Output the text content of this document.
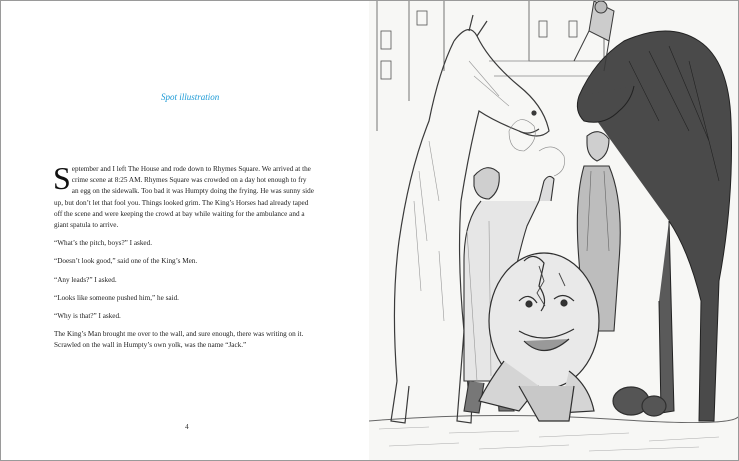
Spot illustration

September and I left The House and rode down to Rhymes Square. We arrived at the crime scene at 8:25 AM. Rhymes Square was crowded on a day hot enough to fry an egg on the sidewalk. Too bad it was Humpty doing the frying. He was sunny side up, but don’t let that fool you. Things looked grim. The King’s Horses had already taped off the scene and were keeping the crowd at bay while waiting for the ambulance and a giant spatula to arrive.

“What’s the pitch, boys?” I asked.

“Doesn’t look good,” said one of the King’s Men.

“Any leads?” I asked.

“Looks like someone pushed him,” he said.

“Why is that?” I asked.

The King’s Man brought me over to the wall, and sure enough, there was writing on it. Scrawled on the wall in Humpty’s own yolk, was the name “Jack.”

4
